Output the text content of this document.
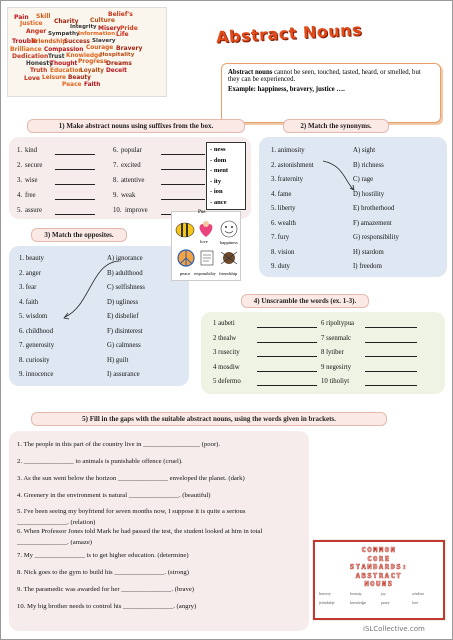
Pain Skill
Charity Culture
Belief's
Justice	Integrity Misery Pride
Anger Sympathy
Information Life
Trouble
Friendship
Success Slavery
Brilliance Compassion Courage Bravery
Dedication Trust Knowledge
Hospitality
Honesty
Thought Progress Dreams
Truth Education
Loyalty Deceit
Love Leisure Beauty
Peace Faith
Abstract Nouns
Abstract nouns cannot be seen, touched, tasted, heard, or smelled, but they can be experienced.
Example: happiness, bravery, justice ….
1) Make abstract nouns using suffixes from the box.
1. kind
2. secure
3. wise
4. free
5. assure
6. popular
7. excited
8. attentive
9. weak
10. improve
- ness
- dom
- ment
- ity
- ion
- ance
2) Match the synonyms.
1. animosity
2. astonishment
3. fraternity
4. fame
5. liberty
6. wealth
7. fury
8. vision
9. duty
A) sight
B) richness
C) rage
D) hostility
E) brotherhood
F) amazement
G) responsibility
H) stardom
I) freedom
3) Match the opposites.
1. beauty
2. anger
3. fear
4. faith
5. wisdom
6. childhood
7. generosity
8. curiosity
9. innocence
A) ignorance
B) adulthood
C) selfishness
D) ugliness
E) disbelief
F) disinterest
G) calmness
H) guilt
I) assurance
Pos
love	happiness
peace responsibility friendship
4) Unscramble the words (ex. 1-3).
1 aubeti
2 thealw
3 rusecity
4 mosdiw
5 defermo
6 ripoltypua
7 ssenmalc
8 lytiber
9 negesirty
10 tiholiyt
5) Fill in the gaps with the suitable abstract nouns, using the words given in brackets.
1. The people in this part of the country live in _________________ (poor).
2. _______________ to animals is punishable offence (cruel).
3. As the sun went below the horizon _______________ enveloped the planet. (dark)
4. Greenery in the environment is natural _______________. (beautiful)
5. I've been seeing my boyfriend for seven months now, I suppose it is quite a serious
_______________. (relation)
6. When Professor Jones told Mark he had passed the test, the student looked at him in total
_______________. (amaze)
7. My _______________ is to get higher education. (determine)
8. Nick goes to the gym to build his _______________. (strong)
9. The paramedic was awarded for her _______________. (brave)
10. My big brother needs to control his _______________. (angry)
COMMON
CORE
STANDARDS:
ABSTRACT
NOUNS
bravery	honesty	joy	wisdom
friendship	knowledge	peace	love
iSLCollective.com
